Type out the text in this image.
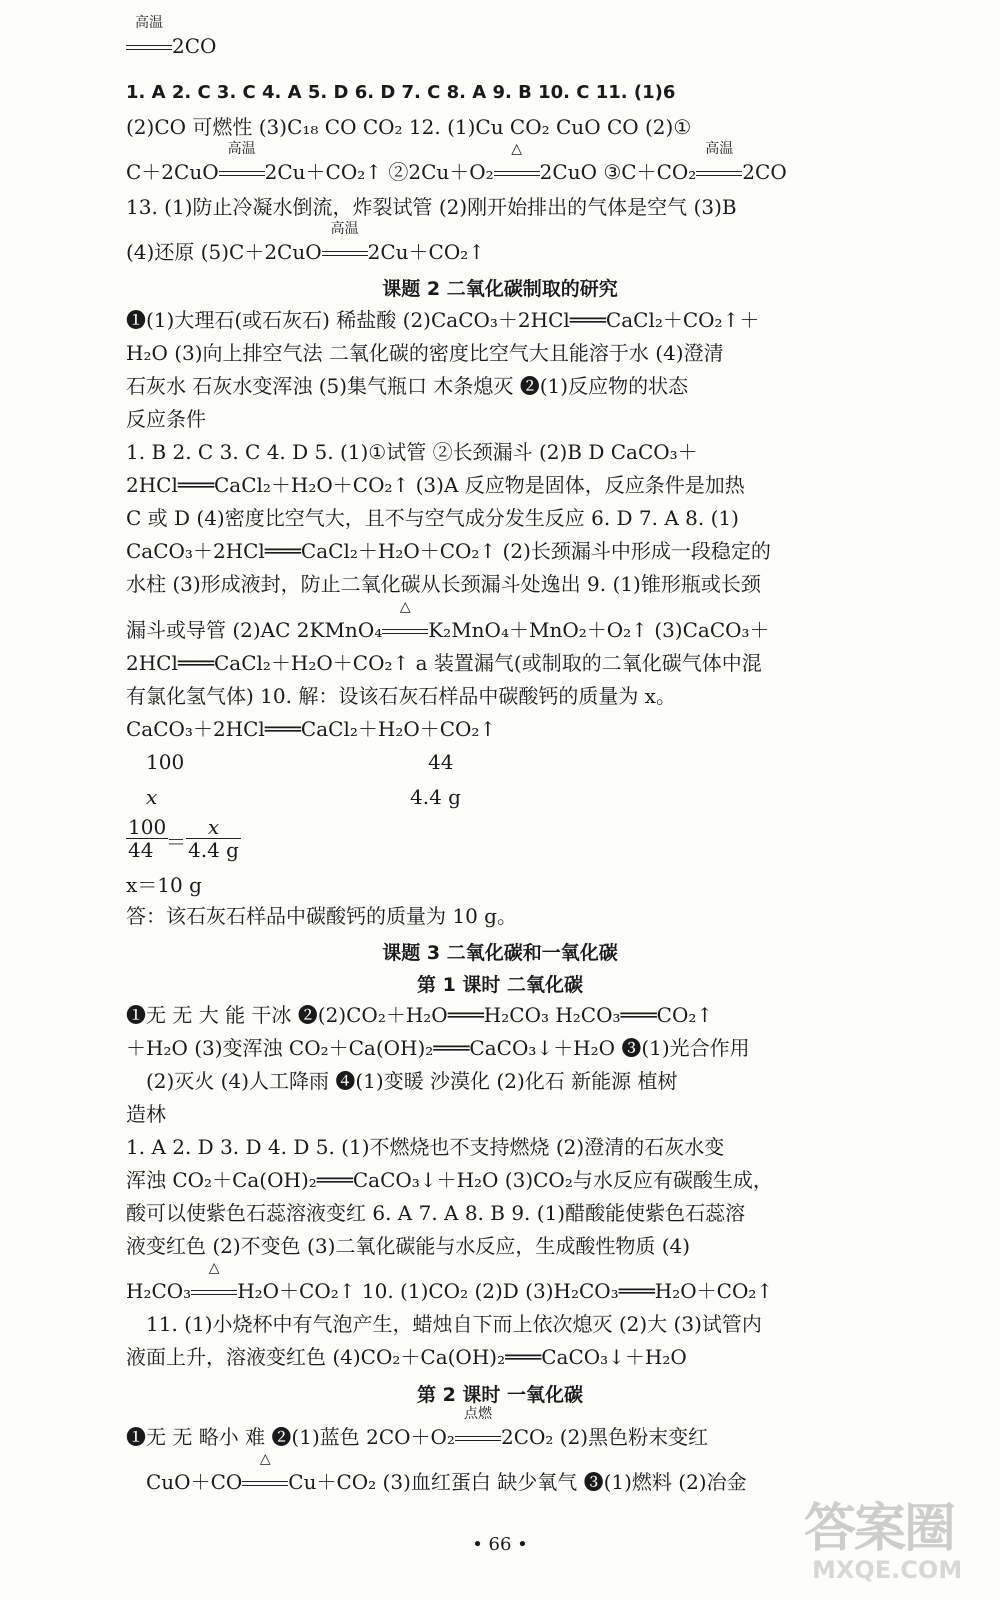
高温
2CO
1. A 2. C 3. C 4. A 5. D 6. D 7. C 8. A 9. B 10. C 11. (1)6
(2)CO 可燃性 (3)C₁₈ CO CO₂ 12. (1)Cu CO₂ CuO CO (2)①
C＋2CuO
高温
2Cu＋CO₂↑ ②2Cu＋O₂
△
2CuO ③C＋CO₂
高温
2CO
13. (1)防止冷凝水倒流，炸裂试管 (2)刚开始排出的气体是空气 (3)B
(4)还原 (5)C＋2CuO
高温
2Cu＋CO₂↑
课题 2 二氧化碳制取的研究
❶(1)大理石(或石灰石) 稀盐酸 (2)CaCO₃＋2HCl═══CaCl₂＋CO₂↑＋
H₂O (3)向上排空气法 二氧化碳的密度比空气大且能溶于水 (4)澄清
石灰水 石灰水变浑浊 (5)集气瓶口 木条熄灭 ❷(1)反应物的状态
反应条件
1. B 2. C 3. C 4. D 5. (1)①试管 ②长颈漏斗 (2)B D CaCO₃＋
2HCl═══CaCl₂＋H₂O＋CO₂↑ (3)A 反应物是固体，反应条件是加热
C 或 D (4)密度比空气大，且不与空气成分发生反应 6. D 7. A 8. (1)
CaCO₃＋2HCl═══CaCl₂＋H₂O＋CO₂↑ (2)长颈漏斗中形成一段稳定的
水柱 (3)形成液封，防止二氧化碳从长颈漏斗处逸出 9. (1)锥形瓶或长颈
漏斗或导管 (2)AC 2KMnO₄
△
K₂MnO₄＋MnO₂＋O₂↑ (3)CaCO₃＋
2HCl═══CaCl₂＋H₂O＋CO₂↑ a 装置漏气(或制取的二氧化碳气体中混
有氯化氢气体) 10. 解：设该石灰石样品中碳酸钙的质量为 x。
CaCO₃＋2HCl═══CaCl₂＋H₂O＋CO₂↑
100	44
x	4.4 g
$\frac{100}{44}$
＝ $\frac{x}{4.4 g}$
x＝10 g
答：该石灰石样品中碳酸钙的质量为 10 g。
课题 3 二氧化碳和一氧化碳
第 1 课时 二氧化碳
❶无 无 大 能 干冰 ❷(2)CO₂＋H₂O═══H₂CO₃ H₂CO₃═══CO₂↑
＋H₂O (3)变浑浊 CO₂＋Ca(OH)₂═══CaCO₃↓＋H₂O ❸(1)光合作用
(2)灭火 (4)人工降雨 ❹(1)变暖 沙漠化 (2)化石 新能源 植树
造林
1. A 2. D 3. D 4. D 5. (1)不燃烧也不支持燃烧 (2)澄清的石灰水变
浑浊 CO₂＋Ca(OH)₂═══CaCO₃↓＋H₂O (3)CO₂与水反应有碳酸生成，
酸可以使紫色石蕊溶液变红 6. A 7. A 8. B 9. (1)醋酸能使紫色石蕊溶
液变红色 (2)不变色 (3)二氧化碳能与水反应，生成酸性物质 (4)
H₂CO₃
△
H₂O＋CO₂↑ 10. (1)CO₂ (2)D (3)H₂CO₃═══H₂O＋CO₂↑
11. (1)小烧杯中有气泡产生，蜡烛自下而上依次熄灭 (2)大 (3)试管内
液面上升，溶液变红色 (4)CO₂＋Ca(OH)₂═══CaCO₃↓＋H₂O
第 2 课时 一氧化碳
❶无 无 略小 难 ❷(1)蓝色 2CO＋O₂
点燃
2CO₂ (2)黑色粉末变红
CuO＋CO
△
Cu＋CO₂ (3)血红蛋白 缺少氧气 ❸(1)燃料 (2)冶金
• 66 •	答案圈
MXQE.COM
